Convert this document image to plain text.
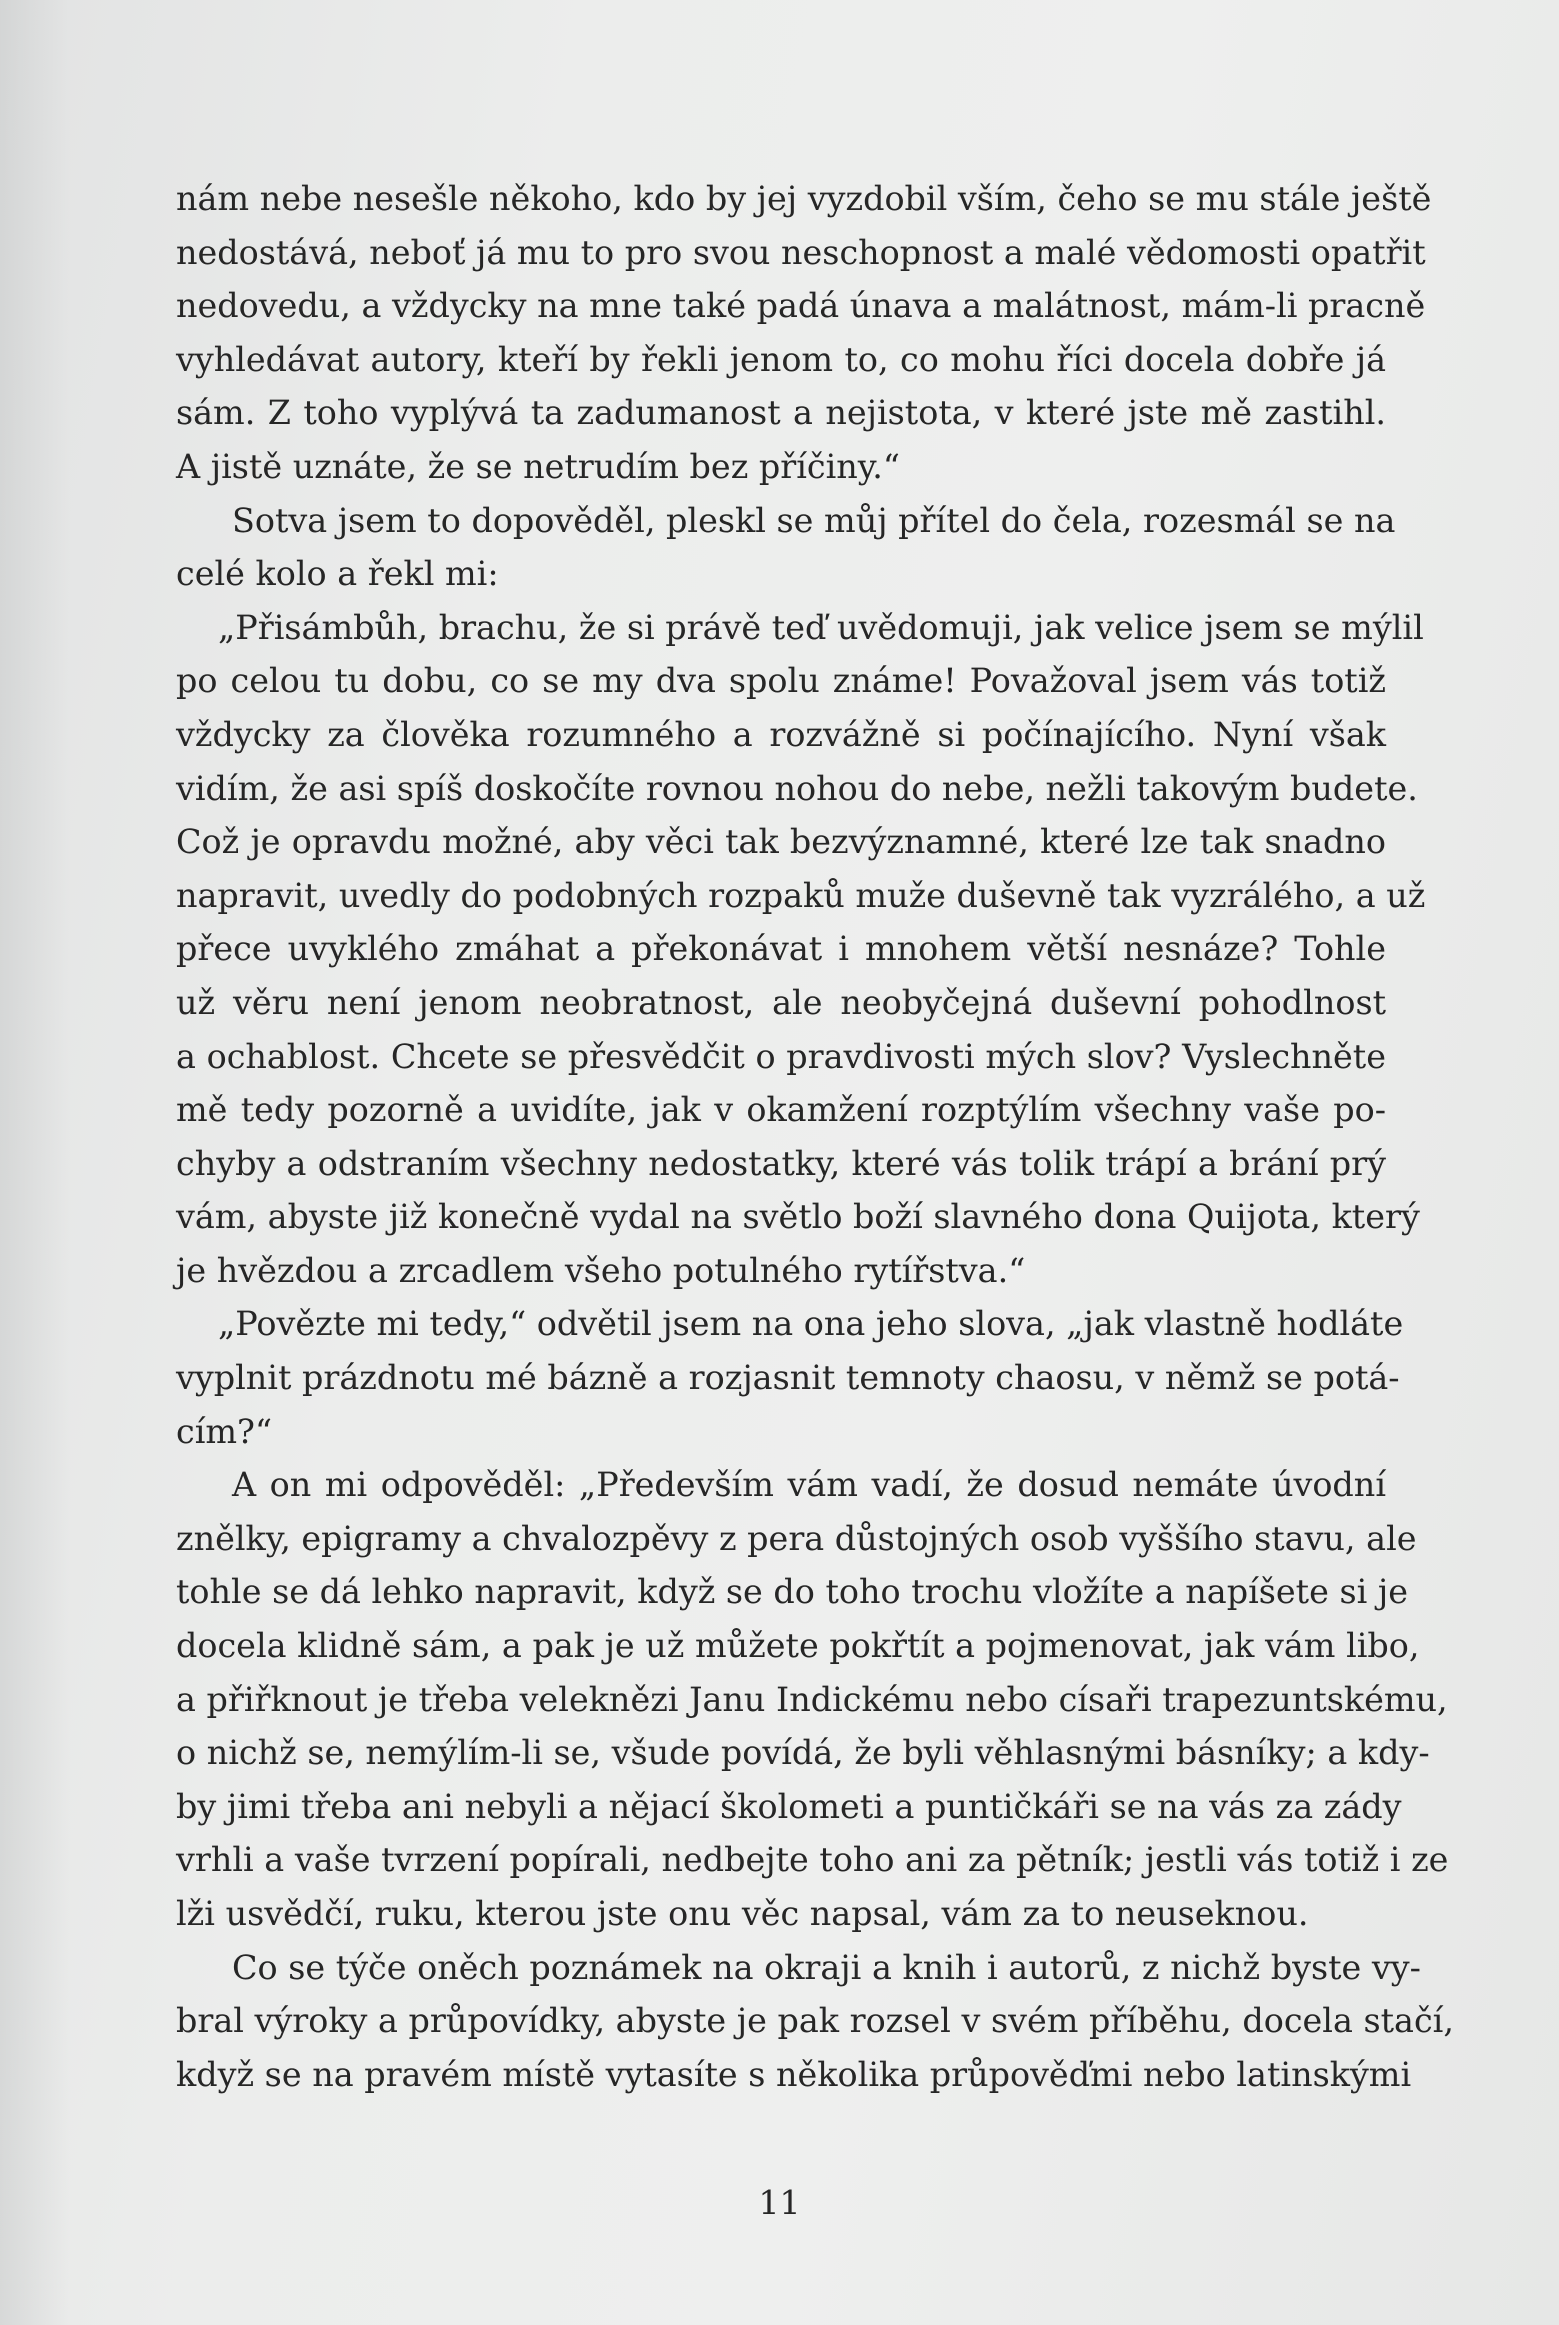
nám nebe nesešle někoho, kdo by jej vyzdobil vším, čeho se mu stále ještě
nedostává, neboť já mu to pro svou neschopnost a malé vědomosti opatřit
nedovedu, a vždycky na mne také padá únava a malátnost, mám-li pracně
vyhledávat autory, kteří by řekli jenom to, co mohu říci docela dobře já
sám. Z toho vyplývá ta zadumanost a nejistota, v které jste mě zastihl.
A jistě uznáte, že se netrudím bez příčiny.“
Sotva jsem to dopověděl, pleskl se můj přítel do čela, rozesmál se na
celé kolo a řekl mi:
„Přisámbůh, brachu, že si právě teď uvědomuji, jak velice jsem se mýlil
po celou tu dobu, co se my dva spolu známe! Považoval jsem vás totiž
vždycky za člověka rozumného a rozvážně si počínajícího. Nyní však
vidím, že asi spíš doskočíte rovnou nohou do nebe, nežli takovým budete.
Což je opravdu možné, aby věci tak bezvýznamné, které lze tak snadno
napravit, uvedly do podobných rozpaků muže duševně tak vyzrálého, a už
přece uvyklého zmáhat a překonávat i mnohem větší nesnáze? Tohle
už věru není jenom neobratnost, ale neobyčejná duševní pohodlnost
a ochablost. Chcete se přesvědčit o pravdivosti mých slov? Vyslechněte
mě tedy pozorně a uvidíte, jak v okamžení rozptýlím všechny vaše po-
chyby a odstraním všechny nedostatky, které vás tolik trápí a brání prý
vám, abyste již konečně vydal na světlo boží slavného dona Quijota, který
je hvězdou a zrcadlem všeho potulného rytířstva.“
„Povězte mi tedy,“ odvětil jsem na ona jeho slova, „jak vlastně hodláte
vyplnit prázdnotu mé bázně a rozjasnit temnoty chaosu, v němž se potá-
cím?“
A on mi odpověděl: „Především vám vadí, že dosud nemáte úvodní
znělky, epigramy a chvalozpěvy z pera důstojných osob vyššího stavu, ale
tohle se dá lehko napravit, když se do toho trochu vložíte a napíšete si je
docela klidně sám, a pak je už můžete pokřtít a pojmenovat, jak vám libo,
a přiřknout je třeba veleknězi Janu Indickému nebo císaři trapezuntskému,
o nichž se, nemýlím-li se, všude povídá, že byli věhlasnými básníky; a kdy-
by jimi třeba ani nebyli a nějací školometi a puntičkáři se na vás za zády
vrhli a vaše tvrzení popírali, nedbejte toho ani za pětník; jestli vás totiž i ze
lži usvědčí, ruku, kterou jste onu věc napsal, vám za to neuseknou.
Co se týče oněch poznámek na okraji a knih i autorů, z nichž byste vy-
bral výroky a průpovídky, abyste je pak rozsel v svém příběhu, docela stačí,
když se na pravém místě vytasíte s několika průpověďmi nebo latinskými
11
